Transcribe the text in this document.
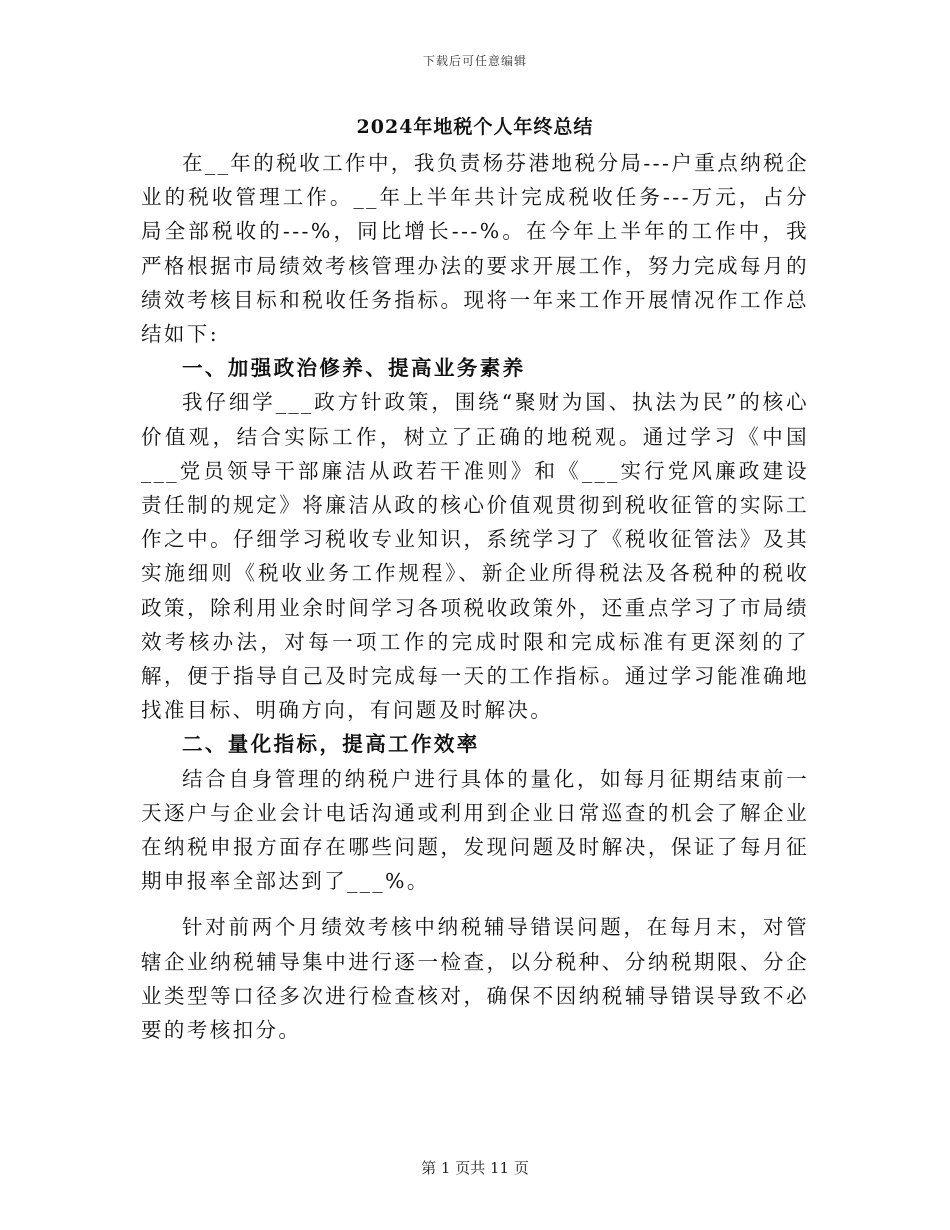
下载后可任意编辑
2024年地税个人年终总结

在__年的税收工作中，我负责杨芬港地税分局---户重点纳税企业的税收管理工作。__年上半年共计完成税收任务---万元，占分局全部税收的---%，同比增长---%。在今年上半年的工作中，我严格根据市局绩效考核管理办法的要求开展工作，努力完成每月的绩效考核目标和税收任务指标。现将一年来工作开展情况作工作总结如下:

一、加强政治修养、提高业务素养

我仔细学___政方针政策，围绕“聚财为国、执法为民”的核心价值观，结合实际工作，树立了正确的地税观。通过学习《中国___党员领导干部廉洁从政若干准则》和《___实行党风廉政建设责任制的规定》将廉洁从政的核心价值观贯彻到税收征管的实际工作之中。仔细学习税收专业知识，系统学习了《税收征管法》及其实施细则《税收业务工作规程》、新企业所得税法及各税种的税收政策，除利用业余时间学习各项税收政策外，还重点学习了市局绩效考核办法，对每一项工作的完成时限和完成标准有更深刻的了解，便于指导自己及时完成每一天的工作指标。通过学习能准确地找准目标、明确方向，有问题及时解决。

二、量化指标，提高工作效率

结合自身管理的纳税户进行具体的量化，如每月征期结束前一天逐户与企业会计电话沟通或利用到企业日常巡查的机会了解企业在纳税申报方面存在哪些问题，发现问题及时解决，保证了每月征期申报率全部达到了___%。

针对前两个月绩效考核中纳税辅导错误问题，在每月末，对管辖企业纳税辅导集中进行逐一检查，以分税种、分纳税期限、分企业类型等口径多次进行检查核对，确保不因纳税辅导错误导致不必要的考核扣分。

第 1 页共 11 页
